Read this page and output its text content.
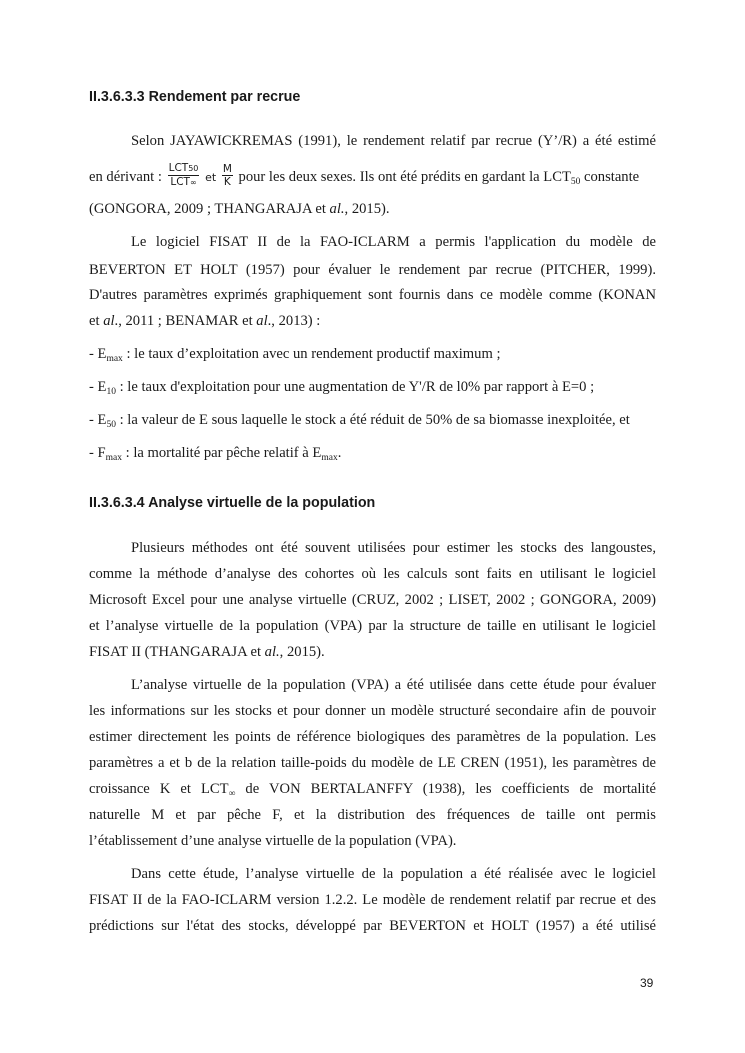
II.3.6.3.3 Rendement par recrue
Selon JAYAWICKREMAS (1991), le rendement relatif par recrue (Y’/R) a été estimé
en dérivant : $\frac{\text{LCT50}}{\text{LCT∞}}$ et $\frac{M}{K}$ pour les deux sexes. Ils ont été prédits en gardant la $LCT_{50}$ constante
(GONGORA, 2009 ; THANGARAJA et al., 2015).
Le logiciel FISAT II de la FAO-ICLARM a permis l'application du modèle de
BEVERTON ET HOLT (1957) pour évaluer le rendement par recrue (PITCHER, 1999).
D'autres paramètres exprimés graphiquement sont fournis dans ce modèle comme (KONAN
et al., 2011 ; BENAMAR et al., 2013) :
- $E_{max}$ : le taux d’exploitation avec un rendement productif maximum ;
- $E_{10}$ : le taux d'exploitation pour une augmentation de Y'/R de l0% par rapport à E=0 ;
- $E_{50}$ : la valeur de E sous laquelle le stock a été réduit de 50% de sa biomasse inexploitée, et
- $F_{max}$ : la mortalité par pêche relatif à $E_{max}$.
II.3.6.3.4 Analyse virtuelle de la population
Plusieurs méthodes ont été souvent utilisées pour estimer les stocks des langoustes,
comme la méthode d’analyse des cohortes où les calculs sont faits en utilisant le logiciel
Microsoft Excel pour une analyse virtuelle (CRUZ, 2002 ; LISET, 2002 ; GONGORA, 2009)
et l’analyse virtuelle de la population (VPA) par la structure de taille en utilisant le logiciel
FISAT II (THANGARAJA et al., 2015).
L’analyse virtuelle de la population (VPA) a été utilisée dans cette étude pour évaluer
les informations sur les stocks et pour donner un modèle structuré secondaire afin de pouvoir
estimer directement les points de référence biologiques des paramètres de la population. Les
paramètres a et b de la relation taille-poids du modèle de LE CREN (1951), les paramètres de
croissance K et $LCT_\infty$ de VON BERTALANFFY (1938), les coefficients de mortalité
naturelle M et par pêche F, et la distribution des fréquences de taille ont permis
l’établissement d’une analyse virtuelle de la population (VPA).
Dans cette étude, l’analyse virtuelle de la population a été réalisée avec le logiciel
FISAT II de la FAO-ICLARM version 1.2.2. Le modèle de rendement relatif par recrue et des
prédictions sur l'état des stocks, développé par BEVERTON et HOLT (1957) a été utilisé
39
